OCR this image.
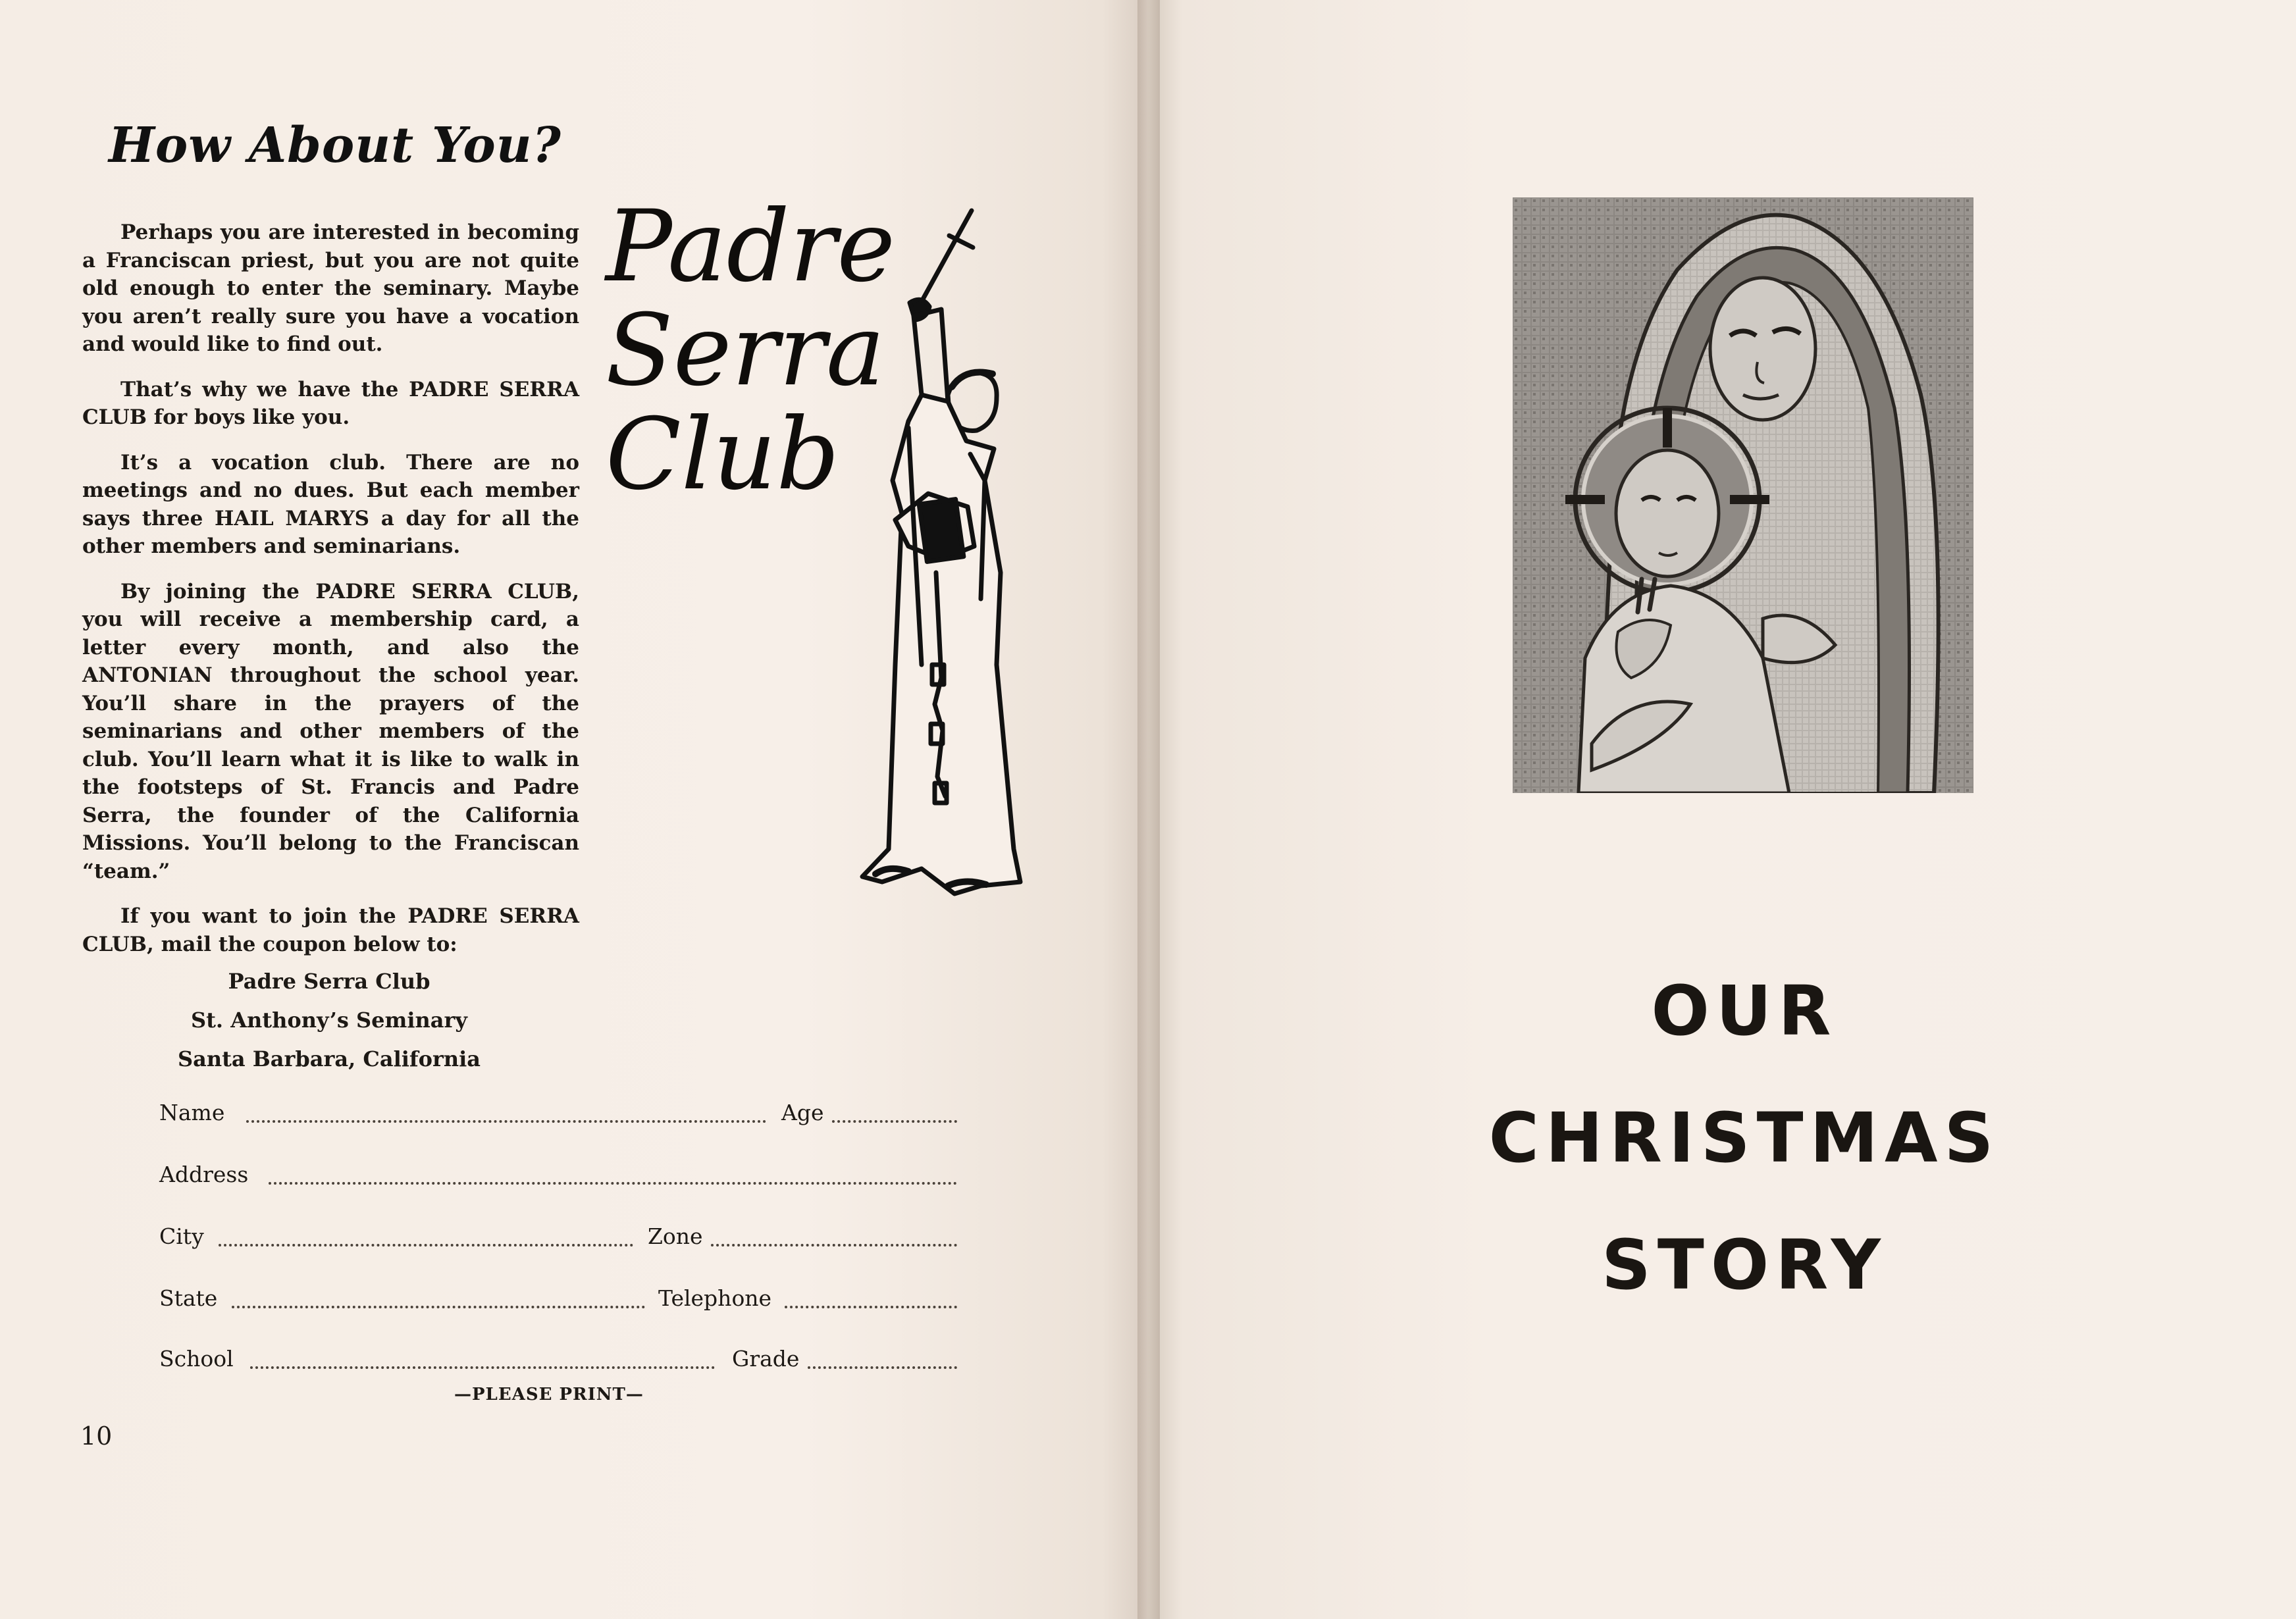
How About You?

Perhaps you are interested in becoming a Franciscan priest, but you are not quite old enough to enter the seminary. Maybe you aren’t really sure you have a vocation and would like to find out.

That’s why we have the PADRE SERRA CLUB for boys like you.

It’s a vocation club. There are no meetings and no dues. But each member says three HAIL MARYS a day for all the other members and seminarians.

By joining the PADRE SERRA CLUB, you will receive a membership card, a letter every month, and also the ANTONIAN throughout the school year. You’ll share in the prayers of the seminarians and other members of the club. You’ll learn what it is like to walk in the footsteps of St. Francis and Padre Serra, the founder of the California Missions. You’ll belong to the Franciscan “team.”

If you want to join the PADRE SERRA CLUB, mail the coupon below to:

Padre
Serra
Club
Padre Serra Club
St. Anthony’s Seminary
Santa Barbara, California
Name	Age
Address
City	Zone
State	Telephone
School	Grade
—PLEASE PRINT—
10
OUR
CHRISTMAS
STORY
